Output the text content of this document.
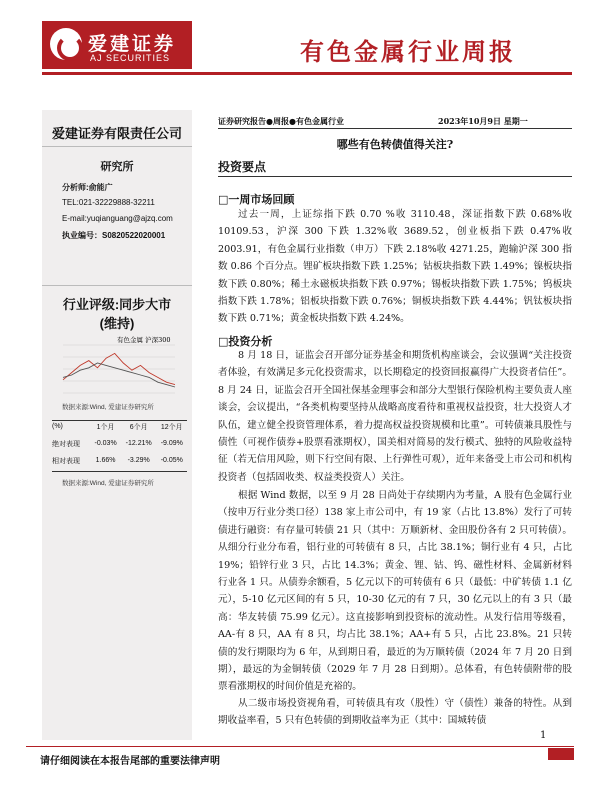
爱建证券
AJ SECURITIES	有色金属行业周报
爱建证券有限责任公司
研究所
分析师:俞能广
TEL:021-32229888-32211
E-mail:yuqianguang@ajzq.com
执业编号：S0820522020001
行业评级:同步大市
(维持)
有色金属 沪深300
数据来源:Wind, 爱建证券研究所
(%)	1个月	6个月	12个月
绝对表现	-0.03%	-12.21%	-9.09%
相对表现	1.66%	-3.29%	-0.05%
数据来源:Wind, 爱建证券研究所
证券研究报告●周报●有色金属行业	2023年10月9日 星期一
哪些有色转债值得关注?
投资要点
□一周市场回顾
过去一周，上证综指下跌 0.70 %收 3110.48，深证指数下跌 0.68%收 10109.53，沪深 300 下跌 1.32%收 3689.52，创业板指下跌 0.47%收 2003.91，有色金属行业指数（申万）下跌 2.18%收 4271.25，跑输沪深 300 指数 0.86 个百分点。锂矿板块指数下跌 1.25%；钴板块指数下跌 1.49%；镍板块指数下跌 0.80%；稀土永磁板块指数下跌 0.97%；锡板块指数下跌 1.75%；钨板块指数下跌 1.78%；铝板块指数下跌 0.76%；铜板块指数下跌 4.44%；钒钛板块指数下跌 0.71%；黄金板块指数下跌 4.24%。
□投资分析
8 月 18 日，证监会召开部分证券基金和期货机构座谈会，会议强调“关注投资者体验，有效满足多元化投资需求，以长期稳定的投资回报赢得广大投资者信任”。8 月 24 日，证监会召开全国社保基金理事会和部分大型银行保险机构主要负责人座谈会，会议提出，“各类机构要坚持从战略高度看待和重视权益投资，壮大投资人才队伍，建立健全投资管理体系，着力提高权益投资规模和比重”。可转债兼具股性与债性（可视作债券+股票看涨期权），国美相对简易的发行模式、独特的风险收益特征（若无信用风险，则下行空间有限、上行弹性可观），近年来备受上市公司和机构投资者（包括固收类、权益类投资人）关注。
根据 Wind 数据，以至 9 月 28 日尚处于存续期内为考量，A 股有色金属行业（按申万行业分类口径）138 家上市公司中，有 19 家（占比 13.8%）发行了可转债进行融资：有存量可转债 21 只（其中：万顺新材、金田股份各有 2 只可转债）。从细分行业分布看，铝行业的可转债有 8 只，占比 38.1%；铜行业有 4 只，占比 19%；铅锌行业 3 只，占比 14.3%；黄金、锂、钴、钨、磁性材料、金属新材料行业各 1 只。从债券余额看，5 亿元以下的可转债有 6 只（最低：中矿转债 1.1 亿元），5-10 亿元区间的有 5 只，10-30 亿元的有 7 只，30 亿元以上的有 3 只（最高：华友转债 75.99 亿元）。这直接影响到投资标的流动性。从发行信用等级看，AA-有 8 只，AA 有 8 只，均占比 38.1%；AA+有 5 只，占比 23.8%。21 只转债的发行期限均为 6 年，从到期日看，最近的为万顺转债（2024 年 7 月 20 日到期），最远的为金铜转债（2029 年 7 月 28 日到期）。总体看，有色转债附带的股票看涨期权的时间价值是充裕的。
从二级市场投资视角看，可转债具有攻（股性）守（债性）兼备的特性。从到期收益率看，5 只有色转债的到期收益率为正（其中：国城转债
1
请仔细阅读在本报告尾部的重要法律声明
